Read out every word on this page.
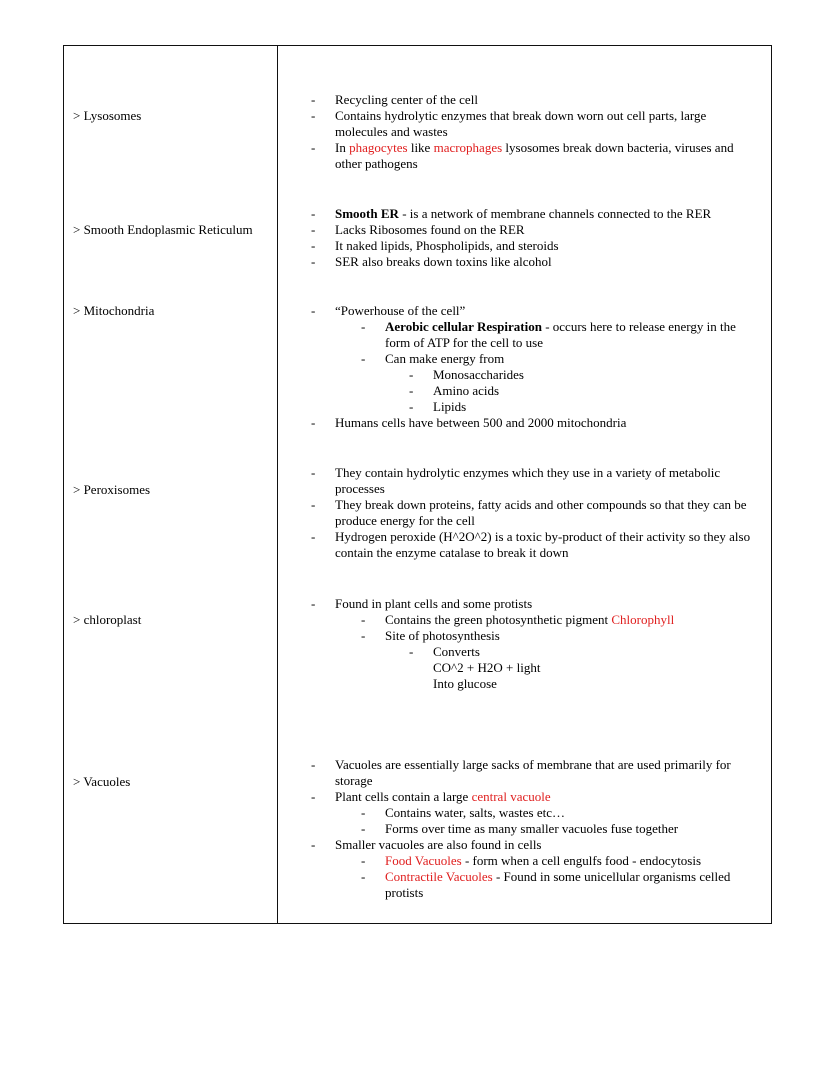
> Lysosomes
-	Recycling center of the cell
-	Contains hydrolytic enzymes that break down worn out cell parts, large molecules and wastes
-	In phagocytes like macrophages lysosomes break down bacteria, viruses and other pathogens
> Smooth Endoplasmic Reticulum
-	Smooth ER - is a network of membrane channels connected to the RER
-	Lacks Ribosomes found on the RER
-	It naked lipids, Phospholipids, and steroids
-	SER also breaks down toxins like alcohol
> Mitochondria	-	“Powerhouse of the cell”
-	Aerobic cellular Respiration - occurs here to release energy in the form of ATP for the cell to use
-	Can make energy from
-	Monosaccharides
-	Amino acids
-	Lipids
-	Humans cells have between 500 and 2000 mitochondria
> Peroxisomes
-	They contain hydrolytic enzymes which they use in a variety of metabolic processes
-	They break down proteins, fatty acids and other compounds so that they can be produce energy for the cell
-	Hydrogen peroxide (H^2O^2) is a toxic by-product of their activity so they also contain the enzyme catalase to break it down
> chloroplast
-	Found in plant cells and some protists
-	Contains the green photosynthetic pigment Chlorophyll
-	Site of photosynthesis
-	Converts
CO^2 + H2O + light
Into glucose
> Vacuoles
-	Vacuoles are essentially large sacks of membrane that are used primarily for storage
-	Plant cells contain a large central vacuole
-	Contains water, salts, wastes etc…
-	Forms over time as many smaller vacuoles fuse together
-	Smaller vacuoles are also found in cells
-	Food Vacuoles - form when a cell engulfs food - endocytosis
-	Contractile Vacuoles - Found in some unicellular organisms celled protists
